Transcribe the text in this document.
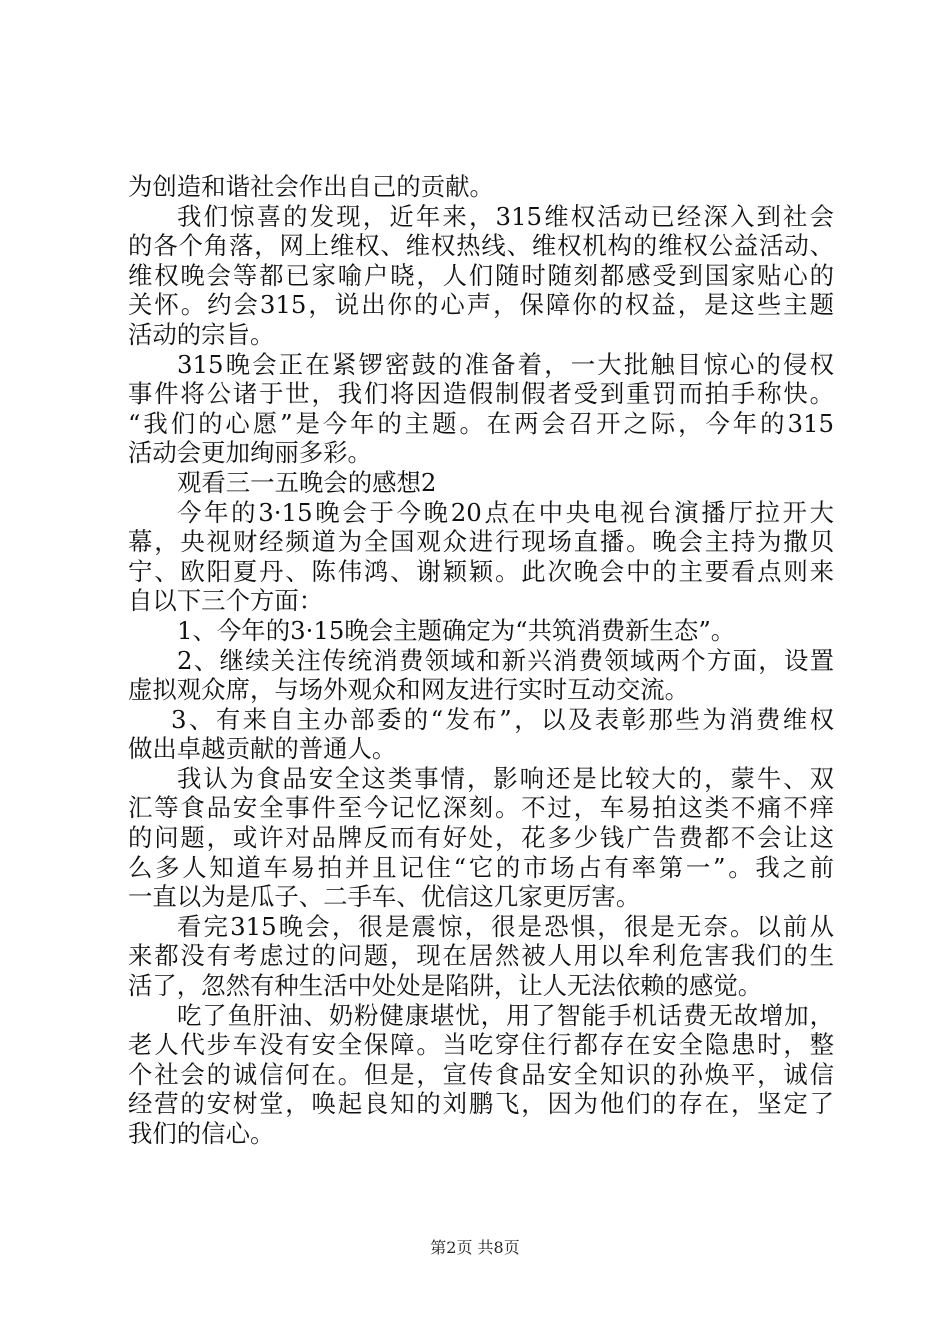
为创造和谐社会作出自己的贡献。
我们惊喜的发现，近年来，315维权活动已经深入到社会
的各个角落，网上维权、维权热线、维权机构的维权公益活动、
维权晚会等都已家喻户晓，人们随时随刻都感受到国家贴心的
关怀。约会315，说出你的心声，保障你的权益，是这些主题
活动的宗旨。
315晚会正在紧锣密鼓的准备着，一大批触目惊心的侵权
事件将公诸于世，我们将因造假制假者受到重罚而拍手称快。
“我们的心愿”是今年的主题。在两会召开之际，今年的315
活动会更加绚丽多彩。
观看三一五晚会的感想2
今年的3·15晚会于今晚20点在中央电视台演播厅拉开大
幕，央视财经频道为全国观众进行现场直播。晚会主持为撒贝
宁、欧阳夏丹、陈伟鸿、谢颖颖。此次晚会中的主要看点则来
自以下三个方面：
1、今年的3·15晚会主题确定为“共筑消费新生态”。
2、继续关注传统消费领域和新兴消费领域两个方面，设置
虚拟观众席，与场外观众和网友进行实时互动交流。
3、有来自主办部委的“发布”，以及表彰那些为消费维权
做出卓越贡献的普通人。
我认为食品安全这类事情，影响还是比较大的，蒙牛、双
汇等食品安全事件至今记忆深刻。不过，车易拍这类不痛不痒
的问题，或许对品牌反而有好处，花多少钱广告费都不会让这
么多人知道车易拍并且记住“它的市场占有率第一”。我之前
一直以为是瓜子、二手车、优信这几家更厉害。
看完315晚会，很是震惊，很是恐惧，很是无奈。以前从
来都没有考虑过的问题，现在居然被人用以牟利危害我们的生
活了，忽然有种生活中处处是陷阱，让人无法依赖的感觉。
吃了鱼肝油、奶粉健康堪忧，用了智能手机话费无故增加，
老人代步车没有安全保障。当吃穿住行都存在安全隐患时，整
个社会的诚信何在。但是，宣传食品安全知识的孙焕平，诚信
经营的安树堂，唤起良知的刘鹏飞，因为他们的存在，坚定了
我们的信心。
第2页 共8页
